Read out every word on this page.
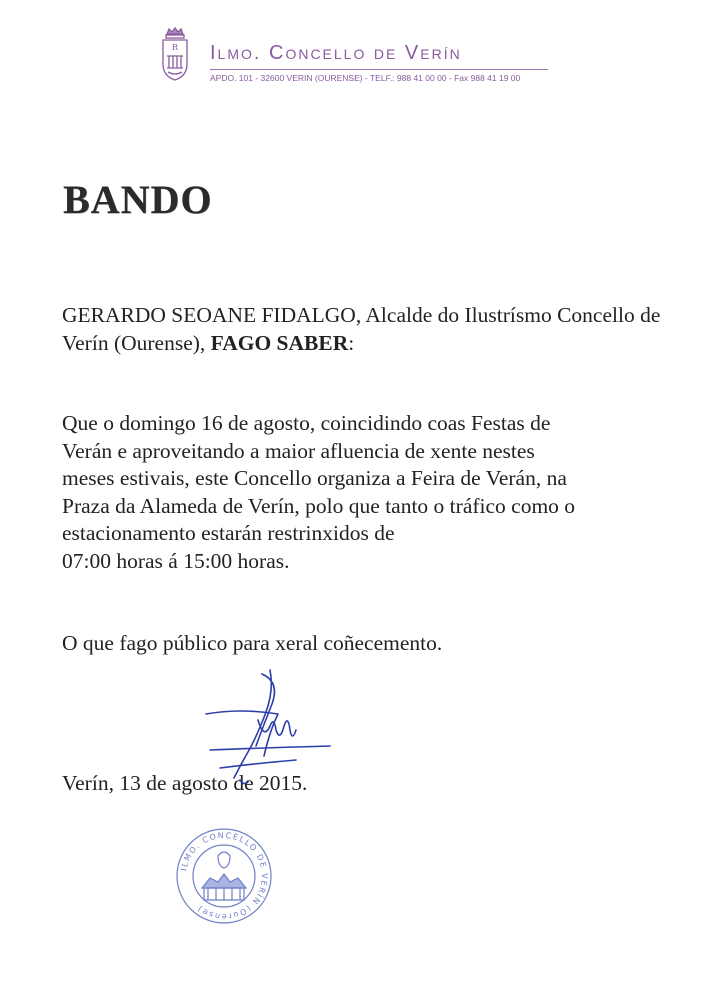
R Ilmo. Concello de Verín
APDO. 101 - 32600 VERIN (OURENSE) - TELF.: 988 41 00 00 - Fax 988 41 19 00
BANDO
GERARDO SEOANE FIDALGO, Alcalde do Ilustrísmo Concello de Verín (Ourense), FAGO SABER:
Que o domingo 16 de agosto, coincidindo coas Festas de
Verán e aproveitando a maior afluencia de xente nestes
meses estivais, este Concello organiza a Feira de Verán, na
Praza da Alameda de Verín, polo que tanto o tráfico como o
estacionamento estarán restrinxidos de
07:00 horas á 15:00 horas.
O que fago público para xeral coñecemento.
Verín, 13 de agosto de 2015.
ILMO. CONCELLO DE VERÍN (Ourense)
